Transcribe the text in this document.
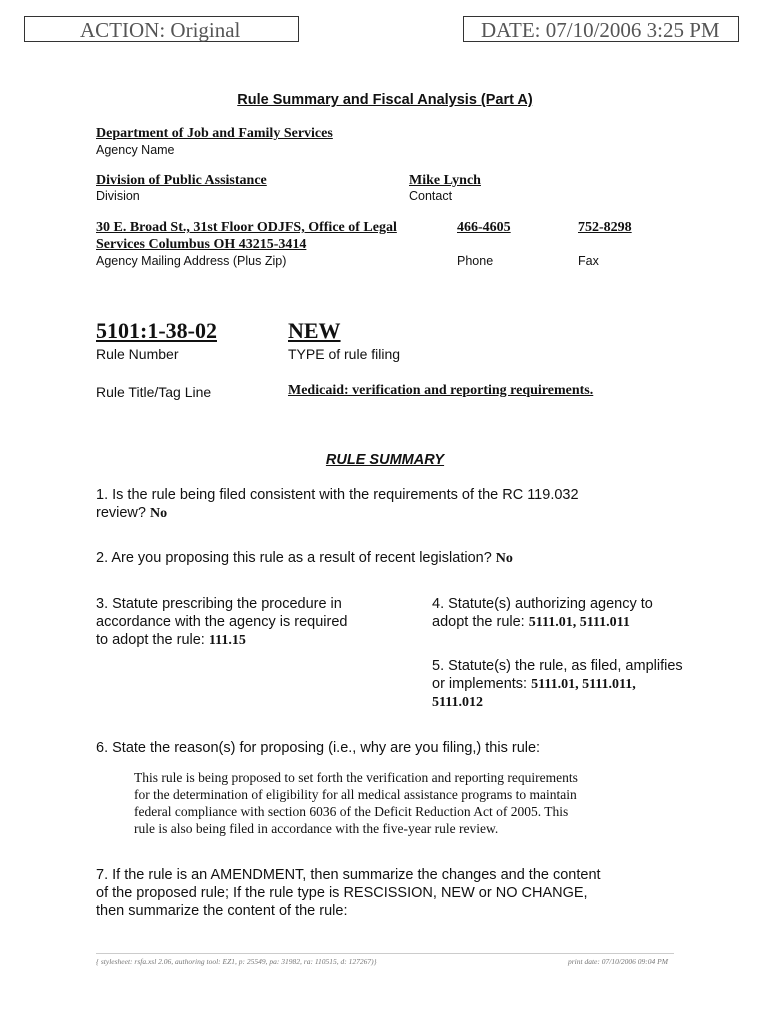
ACTION: Original	DATE: 07/10/2006 3:25 PM
Rule Summary and Fiscal Analysis (Part A)
Department of Job and Family Services
Agency Name
Division of Public Assistance
Division
Mike Lynch
Contact
30 E. Broad St., 31st Floor ODJFS, Office of Legal
Services Columbus OH 43215-3414
Agency Mailing Address (Plus Zip)
466-4605
Phone
752-8298
Fax
5101:1-38-02
Rule Number
NEW
TYPE of rule filing
Rule Title/Tag Line	Medicaid: verification and reporting requirements.
RULE SUMMARY
1. Is the rule being filed consistent with the requirements of the RC 119.032
review? No
2. Are you proposing this rule as a result of recent legislation? No
3. Statute prescribing the procedure in
accordance with the agency is required
to adopt the rule: 111.15
4. Statute(s) authorizing agency to
adopt the rule: 5111.01, 5111.011
5. Statute(s) the rule, as filed, amplifies
or implements: 5111.01, 5111.011,
5111.012
6. State the reason(s) for proposing (i.e., why are you filing,) this rule:
This rule is being proposed to set forth the verification and reporting requirements
for the determination of eligibility for all medical assistance programs to maintain
federal compliance with section 6036 of the Deficit Reduction Act of 2005. This
rule is also being filed in accordance with the five-year rule review.
7. If the rule is an AMENDMENT, then summarize the changes and the content
of the proposed rule; If the rule type is RESCISSION, NEW or NO CHANGE,
then summarize the content of the rule:
{ stylesheet: rsfa.xsl 2.06, authoring tool: EZ1, p: 25549, pa: 31982, ra: 110515, d: 127267)}	print date: 07/10/2006 09:04 PM
